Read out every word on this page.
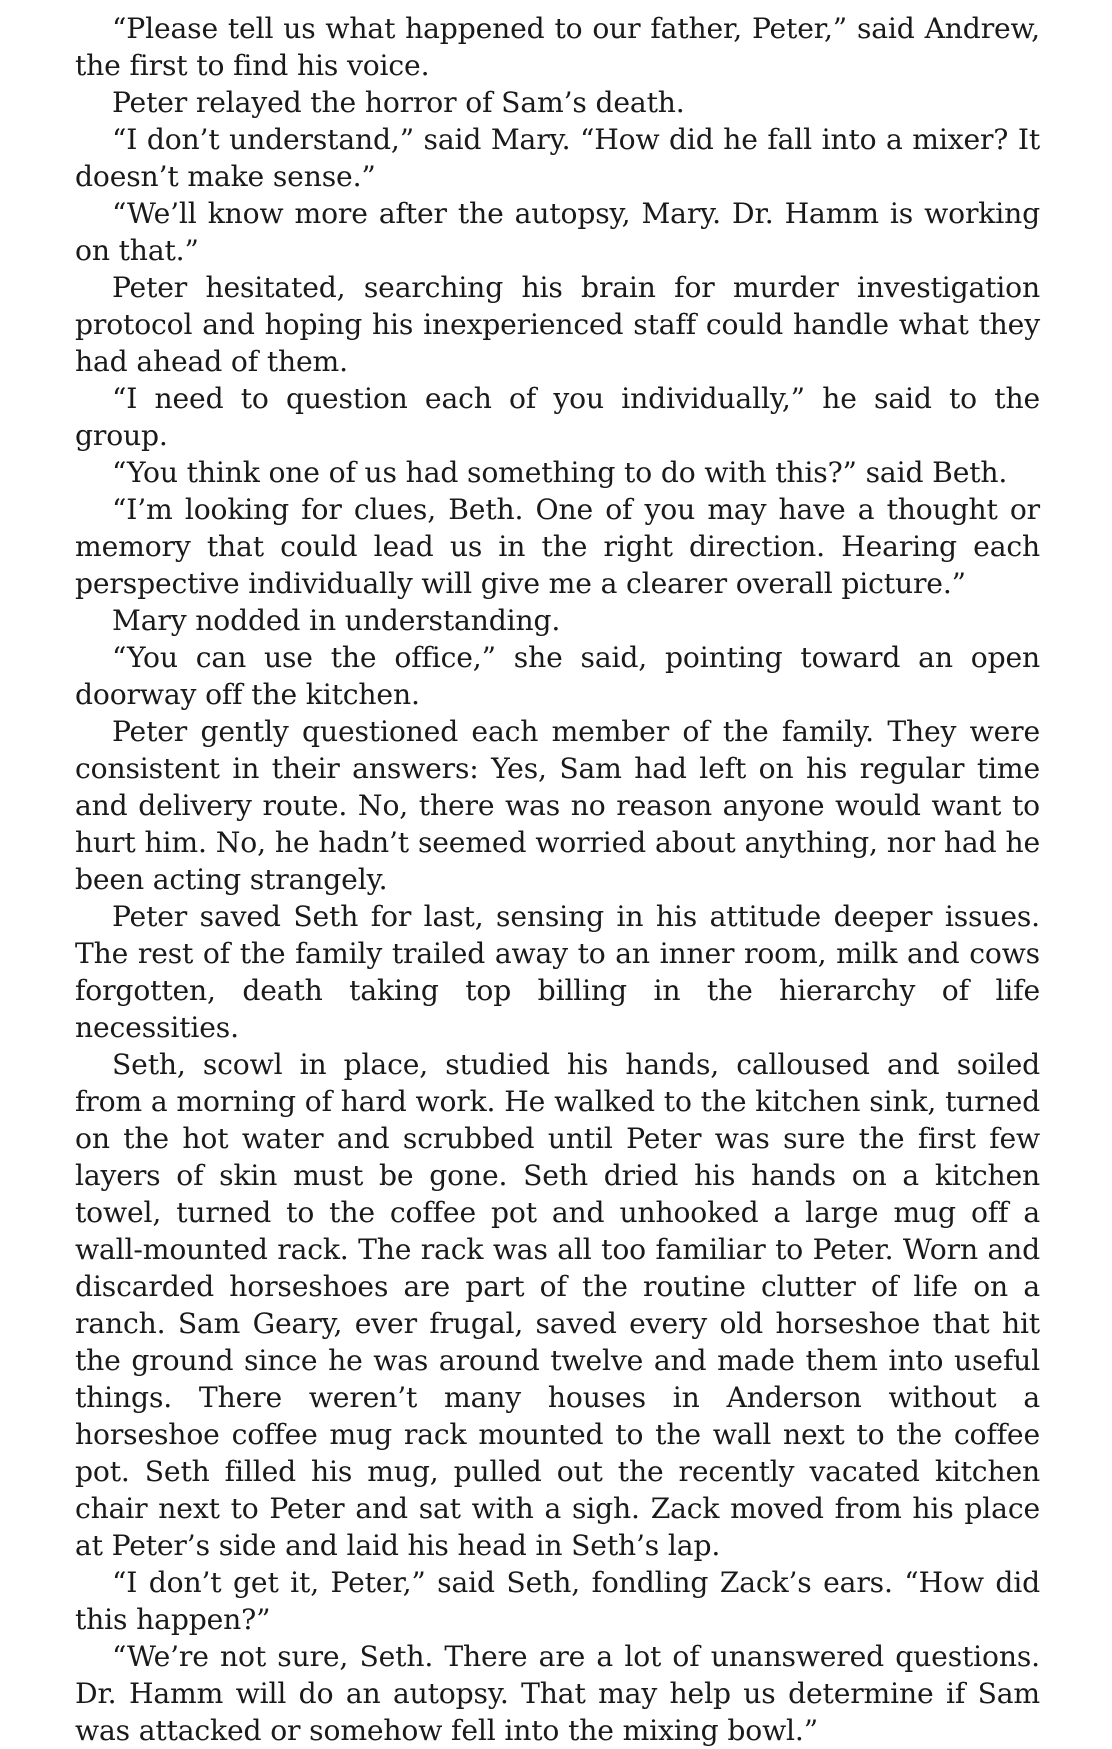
“Please tell us what happened to our father, Peter,” said Andrew, the first to find his voice.

Peter relayed the horror of Sam’s death.

“I don’t understand,” said Mary. “How did he fall into a mixer? It doesn’t make sense.”

“We’ll know more after the autopsy, Mary. Dr. Hamm is working on that.”

Peter hesitated, searching his brain for murder investigation protocol and hoping his inexperienced staff could handle what they had ahead of them.

“I need to question each of you individually,” he said to the group.

“You think one of us had something to do with this?” said Beth.

“I’m looking for clues, Beth. One of you may have a thought or memory that could lead us in the right direction. Hearing each perspective individually will give me a clearer overall picture.”

Mary nodded in understanding.

“You can use the office,” she said, pointing toward an open doorway off the kitchen.

Peter gently questioned each member of the family. They were consistent in their answers: Yes, Sam had left on his regular time and delivery route. No, there was no reason anyone would want to hurt him. No, he hadn’t seemed worried about anything, nor had he been acting strangely.

Peter saved Seth for last, sensing in his attitude deeper issues. The rest of the family trailed away to an inner room, milk and cows forgotten, death taking top billing in the hierarchy of life necessities.

Seth, scowl in place, studied his hands, calloused and soiled from a morning of hard work. He walked to the kitchen sink, turned on the hot water and scrubbed until Peter was sure the first few layers of skin must be gone. Seth dried his hands on a kitchen towel, turned to the coffee pot and unhooked a large mug off a wall-mounted rack. The rack was all too familiar to Peter. Worn and discarded horseshoes are part of the routine clutter of life on a ranch. Sam Geary, ever frugal, saved every old horseshoe that hit the ground since he was around twelve and made them into useful things. There weren’t many houses in Anderson without a horseshoe coffee mug rack mounted to the wall next to the coffee pot. Seth filled his mug, pulled out the recently vacated kitchen chair next to Peter and sat with a sigh. Zack moved from his place at Peter’s side and laid his head in Seth’s lap.

“I don’t get it, Peter,” said Seth, fondling Zack’s ears. “How did this happen?”

“We’re not sure, Seth. There are a lot of unanswered questions. Dr. Hamm will do an autopsy. That may help us determine if Sam was attacked or somehow fell into the mixing bowl.”
